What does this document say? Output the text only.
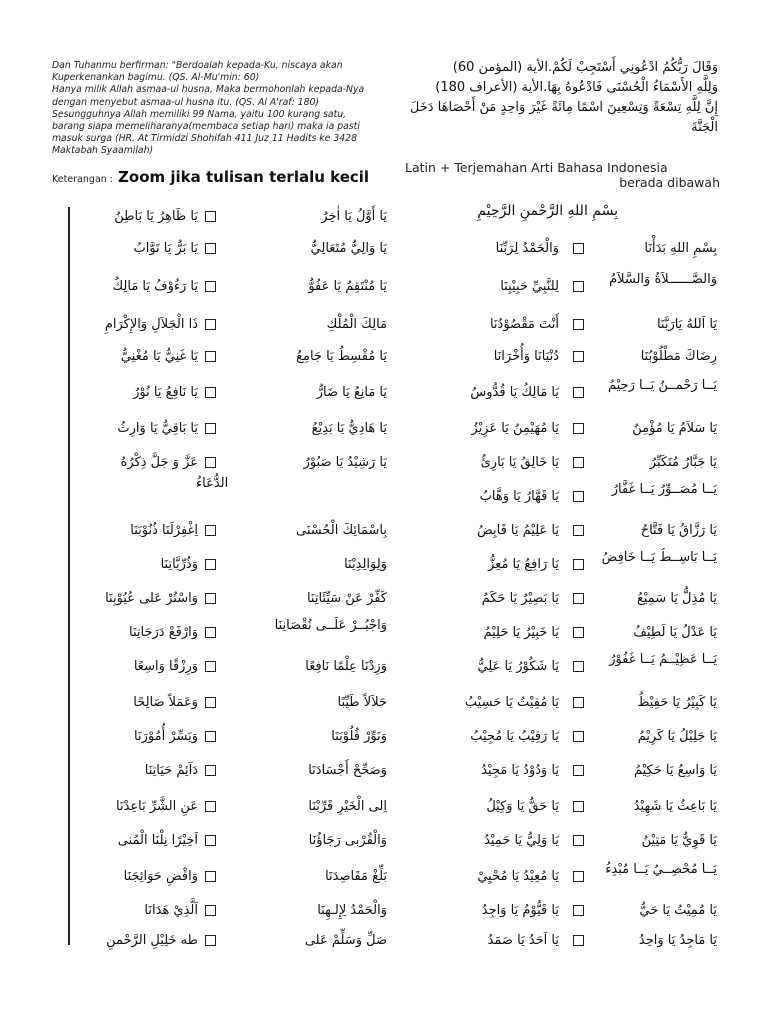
Dan Tuhanmu berfirman: "Berdoalah kepada-Ku, niscaya akan

Kuperkenankan bagimu. (QS. Al-Mu'min: 60)

Hanya milik Allah asmaa-ul husna, Maka bermohonlah kepada-Nya

dengan menyebut asmaa-ul husna itu. (QS. Al A'raf: 180)

Sesungguhnya Allah memiliki 99 Nama, yaitu 100 kurang satu,

barang siapa memeliharanya(membaca setiap hari) maka ia pasti

masuk surga (HR. At Tirmidzi Shohifah 411 Juz 11 Hadits ke 3428

Maktabah Syaamilah)

وَقَالَ رَبُّكُمُ ادْعُونِي أَسْتَجِبْ لَكُمْ.الأية (المؤمن 60)

وَلِلَّهِ الأَسْمَاءُ الْحُسْنَى فَادْعُوهُ بِهَا.الأية (الأعراف 180)

إِنَّ لِلَّهِ تِسْعَةً وَتِسْعِينَ اسْمًا مِائَةً غَيْرَ وَاحِدٍ مَنْ أَحْصَاهَا دَخَلَ الْجَنَّةَ

Keterangan : Zoom jika tulisan terlalu kecil
Latin + Terjemahan Arti Bahasa Indonesia
berada dibawah
بِسْمِ اللهِ الرَّحْمنِ الرَّحِيْمِ
الدُّعَاءُ
يَا أَوَّلُ يَا اٰخِرُ
يَا ظَاهِرُ يَا بَاطِنُ
بِسْمِ اللهِ بَدَأْنَا
وَالْحَمْدُ لِرَبِّنَا
يَا وَالِيُّ مُتَعَالِيُّ
يَا بَرُّ يَا تَوَّابُ
وَالصَّــــــلاَةُ وَالسَّلاَمُ
لِلنَّبِيِّ حَبِيْبِنَا
يَا مُنْتَقِمُ يَا عَفُوُّ
يَا رَءُوْفُ يَا مَالِكُ
يَا اَللهُ يَارَبَّنَا
أَنْتَ مَقْصُوْدُنَا
مَالِكَ الْمُلْكِ
ذَا الْجَلاَلِ وَالإِكْرَامِ
رِضَاكَ مَطْلُوْبُنَا
دُنْيَانَا وَأُخْرَانَا
يَا مُقْسِطُ يَا جَامِعُ
يَا غَنِيُّ يَا مُغْنِيُّ
يَــا رَحْمــنُ يَــا رَحِيْمُ
يَا مَالِكُ يَا قُدُّوسُ
يَا مَانِعُ يَا ضَارُّ
يَا نَافِعُ يَا نُوْرُ
يَا سَلاَمُ يَا مُؤْمِنُ
يَا مُهَيْمِنُ يَا عَزِيْزُ
يَا هَادِيُّ يَا بَدِيْعُ
يَا بَاقِيُّ يَا وَارِثُ
يَا جَبَّارُ مُتَكَبِّرُ
يَا خَالِقُ يَا بَارِئُ
يَا رَشِيْدُ يَا صَبُوْرُ
عَزَّ وَ جَلَّ ذِكْرُهُ
يَــا مُصَــوِّرُ يَــا غَفَّارُ
يَا قَهَّارُ يَا وَهَّابُ
يَا رَزَّاقُ يَا فَتَّاحُ
يَا عَلِيْمُ يَا قَابِضُ
بِاسْمَائِكَ الْحُسْنَى
اِغْفِرْلَنَا ذُنُوْبَنَا
يَــا بَاسِــطُ يَــا خَافِضُ
يَا رَافِعُ يَا مُعِزُّ
وَلِوَالِدِيْنَا
وَذُرِّيَّاتِنَا
يَا مُذِلُّ يَا سَمِيْعُ
يَا بَصِيْرُ يَا حَكَمُ
كَفِّرْ عَنْ سَيِّئَاتِنَا
وَاسْتُرْ عَلى عُيُوْبِنَا
يَا عَدْلُ يَا لَطِيْفُ
يَا خَبِيْرُ يَا حَلِيْمُ
وَاجْبُــرْ عَلَــى نُقْصَانِنَا
وَارْفَعْ دَرَجَاتِنَا
يَــا عَظِيْــمُ يَــا غَفُوْرُ
يَا شَكُوْرُ يَا عَلِيُّ
وَزِدْنَا عِلْمًا نَافِعًا
وَرِزْقًا وَاسِعًا
يَا كَبِيْرُ يَا حَفِيْظُ
يَا مُقِيْتُ يَا حَسِيْبُ
حَلاَلاً طَيِّبًا
وَعَمَلاً صَالِحًا
يَا جَلِيْلُ يَا كَرِيْمُ
يَا رَقِيْبُ يَا مُجِيْبُ
وَنَوِّرْ قُلُوْبَنَا
وَيَسِّرْ أُمُوْرَنَا
يَا وَاسِعُ يَا حَكِيْمُ
يَا وَدُوْدُ يَا مَجِيْدُ
وَصَحِّحْ أَجْسَادَنَا
دَآئِمْ حَيَاتِنَا
يَا بَاعِثُ يَا شَهِيْدُ
يَا حَقُّ يَا وَكِيْلُ
اِلى الْخَيْرِ قَرِّبْنَا
عَنِ الشَّرِّ بَاعِدْنَا
يَا قَوِيُّ يَا مَتِيْنُ
يَا وَلِيُّ يَا حَمِيْدُ
وَالْقُرْبى رَجَاؤُنَا
اَخِيْرًا نِلْنَا الْمُنى
يَــا مُحْصِــيُ يَــا مُبْدِءُ
يَا مُعِيْدُ يَا مُحْيِيْ
بَلِّغْ مَقَاصِدَنَا
وَاقْضِ حَوَائِجَنَا
يَا مُمِيْتُ يَا حَيُّ
يَا قَيُّوْمُ يَا وَاجِدُ
وَالْحَمْدُ لِإِلـهِنَا
اَلَّذِيْ هَدَانَا
يَا مَاجِدُ يَا وَاحِدُ
يَا اَحَدُ يَا صَمَدُ
صَلِّ وَسَلِّمْ عَلى
طه خَلِيْلِ الرَّحْمنِ
